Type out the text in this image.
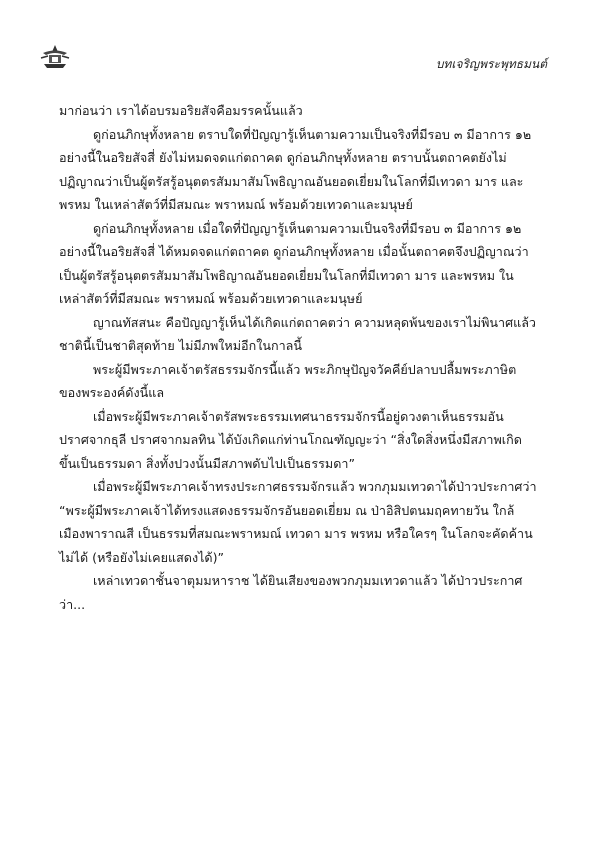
บทเจริญพระพุทธมนต์

มาก่อนว่า เราได้อบรมอริยสัจคือมรรคนั้นแล้ว

ดูก่อนภิกษุทั้งหลาย ตราบใดที่ปัญญารู้เห็นตามความเป็นจริงที่มีรอบ ๓ มีอาการ ๑๒ อย่างนี้ในอริยสัจสี่ ยังไม่หมดจดแก่ตถาคต ดูก่อนภิกษุทั้งหลาย ตราบนั้นตถาคตยังไม่ปฏิญาณว่าเป็นผู้ตรัสรู้อนุตตรสัมมาสัมโพธิญาณอันยอดเยี่ยมในโลกที่มีเทวดา มาร และพรหม ในเหล่าสัตว์ที่มีสมณะ พราหมณ์ พร้อมด้วยเทวดาและมนุษย์

ดูก่อนภิกษุทั้งหลาย เมื่อใดที่ปัญญารู้เห็นตามความเป็นจริงที่มีรอบ ๓ มีอาการ ๑๒ อย่างนี้ในอริยสัจสี่ ได้หมดจดแก่ตถาคต ดูก่อนภิกษุทั้งหลาย เมื่อนั้นตถาคตจึงปฏิญาณว่าเป็นผู้ตรัสรู้อนุตตรสัมมาสัมโพธิญาณอันยอดเยี่ยมในโลกที่มีเทวดา มาร และพรหม ในเหล่าสัตว์ที่มีสมณะ พราหมณ์ พร้อมด้วยเทวดาและมนุษย์

ญาณทัสสนะ คือปัญญารู้เห็นได้เกิดแก่ตถาคตว่า ความหลุดพ้นของเราไม่พินาศแล้ว ชาตินี้เป็นชาติสุดท้าย ไม่มีภพใหม่อีกในกาลนี้

พระผู้มีพระภาคเจ้าตรัสธรรมจักรนี้แล้ว พระภิกษุปัญจวัคคีย์ปลาบปลื้มพระภาษิตของพระองค์ดังนี้แล

เมื่อพระผู้มีพระภาคเจ้าตรัสพระธรรมเทศนาธรรมจักรนี้อยู่ดวงตาเห็นธรรมอันปราศจากธุลี ปราศจากมลทิน ได้บังเกิดแก่ท่านโกณฑัญญะว่า “สิ่งใดสิ่งหนึ่งมีสภาพเกิดขึ้นเป็นธรรมดา สิ่งทั้งปวงนั้นมีสภาพดับไปเป็นธรรมดา”

เมื่อพระผู้มีพระภาคเจ้าทรงประกาศธรรมจักรแล้ว พวกภุมมเทวดาได้ป่าวประกาศว่า “พระผู้มีพระภาคเจ้าได้ทรงแสดงธรรมจักรอันยอดเยี่ยม ณ ป่าอิสิปตนมฤคทายวัน ใกล้เมืองพาราณสี เป็นธรรมที่สมณะพราหมณ์ เทวดา มาร พรหม หรือใครๆ ในโลกจะคัดค้านไม่ได้ (หรือยังไม่เคยแสดงได้)”

เหล่าเทวดาชั้นจาตุมมหาราช ได้ยินเสียงของพวกภุมมเทวดาแล้ว ได้ป่าวประกาศว่า...
